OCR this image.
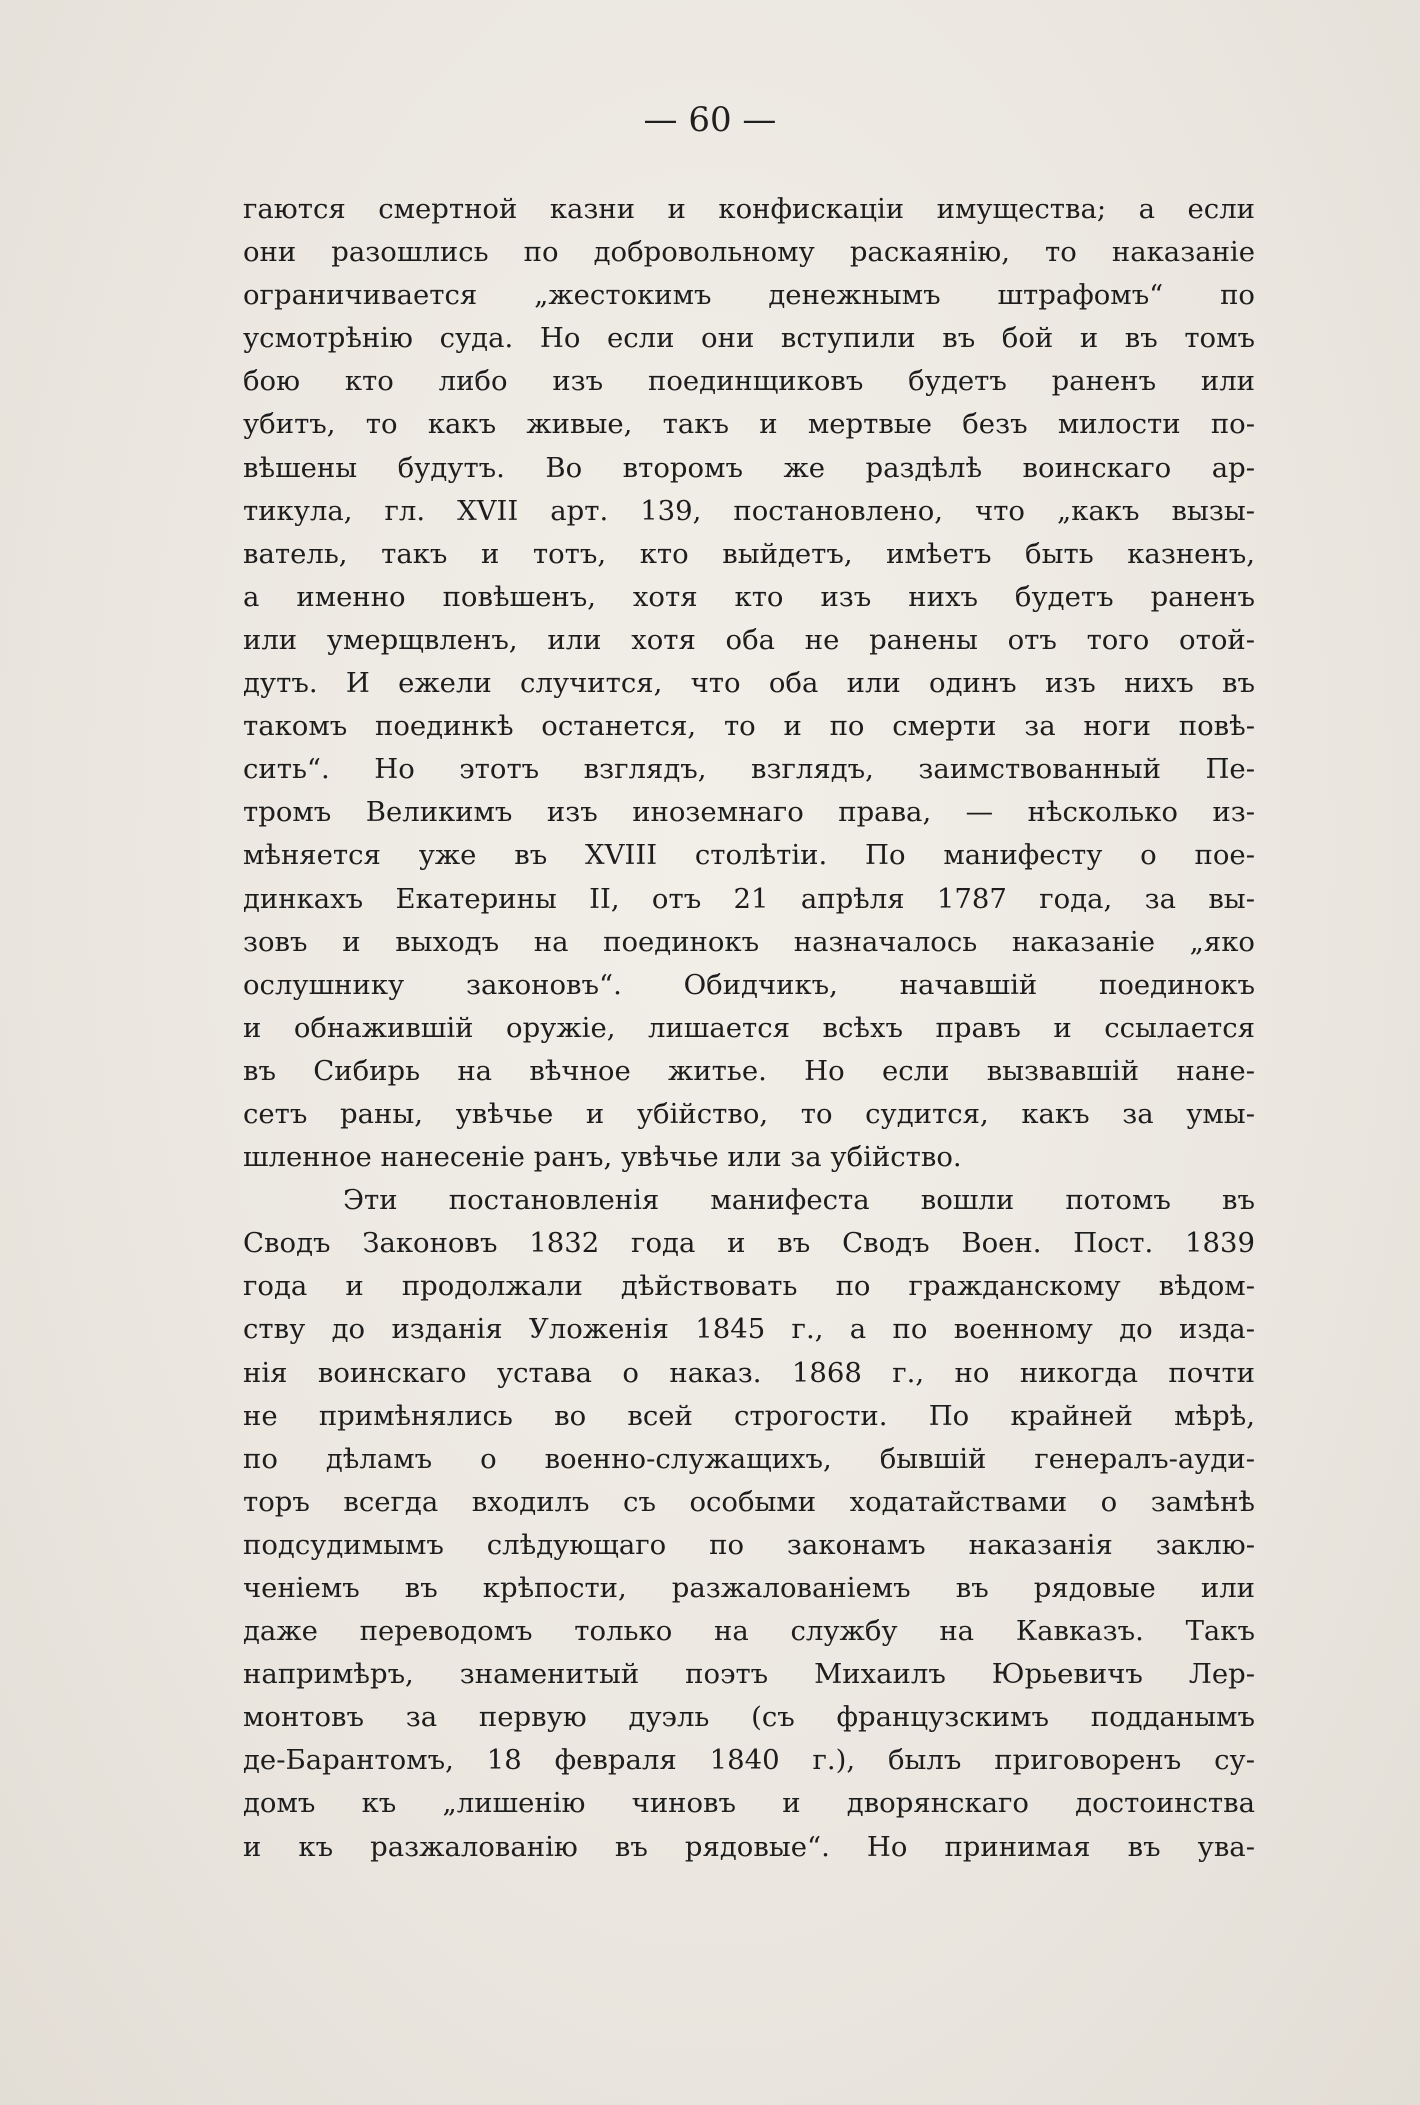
— 60 —
гаются смертной казни и конфискаціи имущества; а если
они разошлись по добровольному раскаянію, то наказаніе
ограничивается „жестокимъ денежнымъ штрафомъ“ по
усмотрѣнію суда. Но если они вступили въ бой и въ томъ
бою кто либо изъ поединщиковъ будетъ раненъ или
убитъ, то какъ живые, такъ и мертвые безъ милости по-
вѣшены будутъ. Во второмъ же раздѣлѣ воинскаго ар-
тикула, гл. XVII арт. 139, постановлено, что „какъ вызы-
ватель, такъ и тотъ, кто выйдетъ, имѣетъ быть казненъ,
а именно повѣшенъ, хотя кто изъ нихъ будетъ раненъ
или умерщвленъ, или хотя оба не ранены отъ того отой-
дутъ. И ежели случится, что оба или одинъ изъ нихъ въ
такомъ поединкѣ останется, то и по смерти за ноги повѣ-
сить“. Но этотъ взглядъ, взглядъ, заимствованный Пе-
тромъ Великимъ изъ иноземнаго права, — нѣсколько из-
мѣняется уже въ XVIII столѣтіи. По манифесту о пое-
динкахъ Екатерины II, отъ 21 апрѣля 1787 года, за вы-
зовъ и выходъ на поединокъ назначалось наказаніе „яко
ослушнику законовъ“. Обидчикъ, начавшій поединокъ
и обнажившій оружіе, лишается всѣхъ правъ и ссылается
въ Сибирь на вѣчное житье. Но если вызвавшій нане-
сетъ раны, увѣчье и убійство, то судится, какъ за умы-
шленное нанесеніе ранъ, увѣчье или за убійство.
Эти постановленія манифеста вошли потомъ въ
Сводъ Законовъ 1832 года и въ Сводъ Воен. Пост. 1839
года и продолжали дѣйствовать по гражданскому вѣдом-
ству до изданія Уложенія 1845 г., а по военному до изда-
нія воинскаго устава о наказ. 1868 г., но никогда почти
не примѣнялись во всей строгости. По крайней мѣрѣ,
по дѣламъ о военно-служащихъ, бывшій генералъ-ауди-
торъ всегда входилъ съ особыми ходатайствами о замѣнѣ
подсудимымъ слѣдующаго по законамъ наказанія заклю-
ченіемъ въ крѣпости, разжалованіемъ въ рядовые или
даже переводомъ только на службу на Кавказъ. Такъ
напримѣръ, знаменитый поэтъ Михаилъ Юрьевичъ Лер-
монтовъ за первую дуэль (съ французскимъ подданымъ
де-Барантомъ, 18 февраля 1840 г.), былъ приговоренъ су-
домъ къ „лишенію чиновъ и дворянскаго достоинства
и къ разжалованію въ рядовые“. Но принимая въ ува-
